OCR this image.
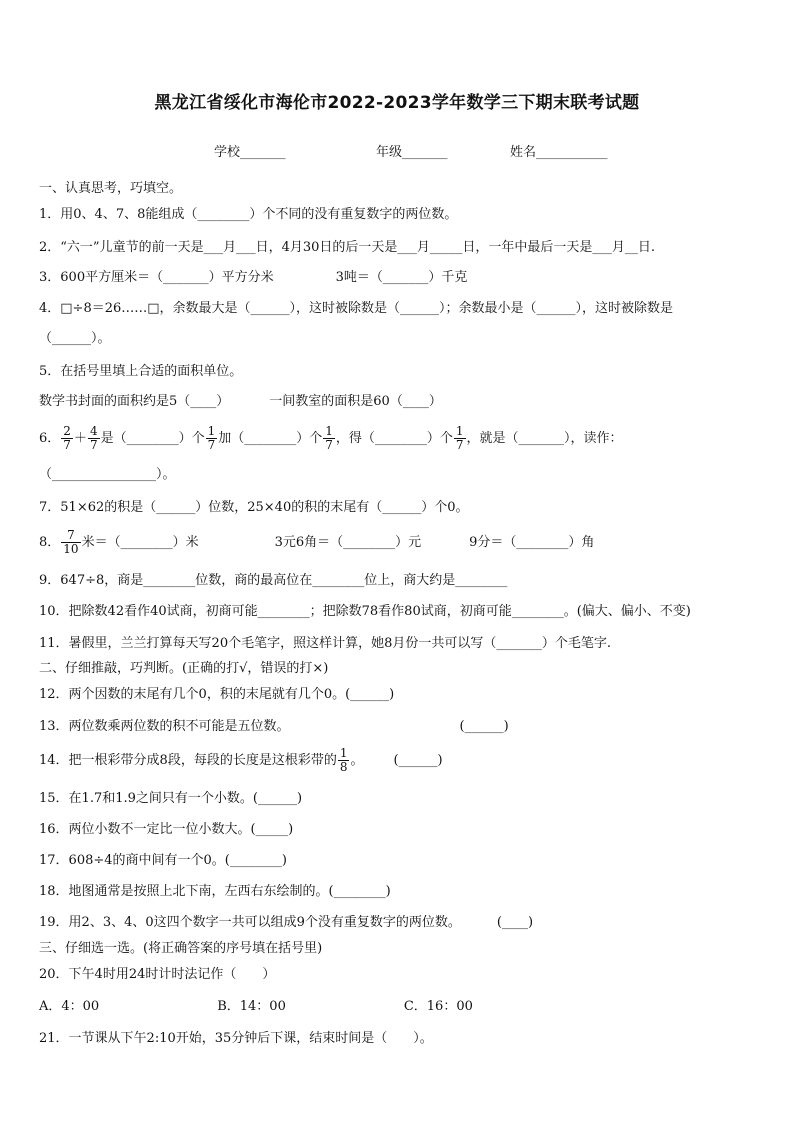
黑龙江省绥化市海伦市2022-2023学年数学三下期末联考试题
学校_______	年级_______	姓名___________
一、认真思考，巧填空。
1．用0、4、7、8能组成（________）个不同的没有重复数字的两位数。
2．“六一”儿童节的前一天是___月___日，4月30日的后一天是___月_____日，一年中最后一天是___月__日.
3．600平方厘米＝（_______）平方分米	3吨＝（_______）千克
4．□÷8＝26……□，余数最大是（______），这时被除数是（______）；余数最小是（______），这时被除数是
（______）。
5．在括号里填上合适的面积单位。
数学书封面的面积约是5（____）	一间教室的面积是60（____）
6． $\frac{2}{7} + \frac{4}{7}$ 是（________）个 $\frac{1}{7}$ 加（________）个 $\frac{1}{7}$ ，得（________）个 $\frac{1}{7}$ ，就是（_______），读作：
（________________）。
7．51×62的积是（______）位数，25×40的积的末尾有（______）个0。
8． $\frac{7}{10}$ 米＝（________）米	3元6角＝（________）元	9分＝（________）角
9．647÷8，商是________位数，商的最高位在________位上，商大约是________
10．把除数42看作40试商，初商可能________；把除数78看作80试商，初商可能________。(偏大、偏小、不变)
11．暑假里，兰兰打算每天写20个毛笔字，照这样计算，她8月份一共可以写（_______）个毛笔字.
二、仔细推敲，巧判断。(正确的打√，错误的打×)
12．两个因数的末尾有几个0，积的末尾就有几个0。(______)
13．两位数乘两位数的积不可能是五位数。	(______)
14．把一根彩带分成8段，每段的长度是这根彩带的 $\frac{1}{8}$ 。 (______)
15．在1.7和1.9之间只有一个小数。(______)
16．两位小数不一定比一位小数大。(_____)
17．608÷4的商中间有一个0。(________)
18．地图通常是按照上北下南，左西右东绘制的。(________)
19．用2、3、4、0这四个数字一共可以组成9个没有重复数字的两位数。	(____)
三、仔细选一选。(将正确答案的序号填在括号里)
20．下午4时用24时计时法记作（　　）
A．4：00	B．14：00	C．16：00
21．一节课从下午2:10开始，35分钟后下课，结束时间是（　　）。
